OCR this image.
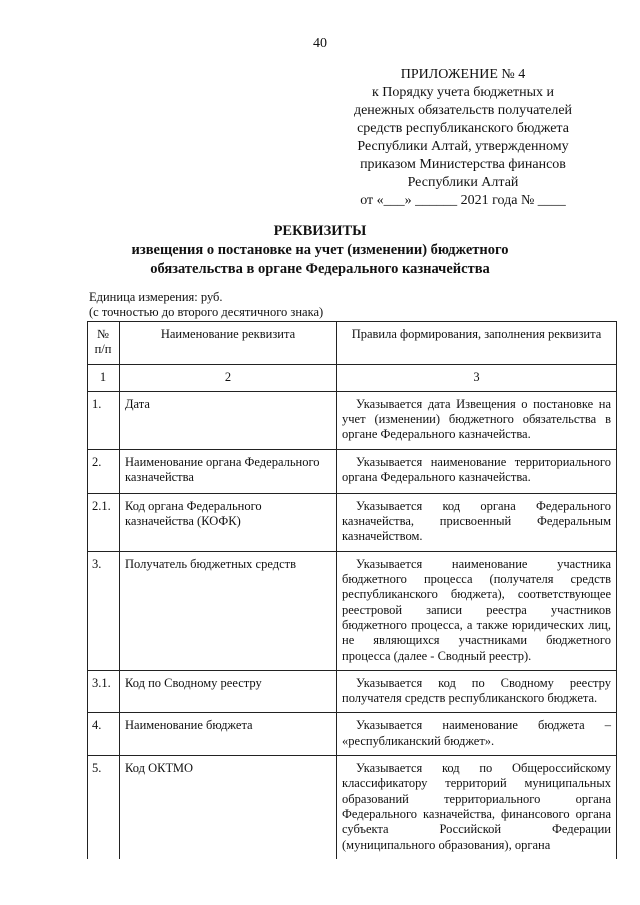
40
ПРИЛОЖЕНИЕ № 4
к Порядку учета бюджетных и
денежных обязательств получателей
средств республиканского бюджета
Республики Алтай, утвержденному
приказом Министерства финансов
Республики Алтай
от «___» ______ 2021 года № ____
РЕКВИЗИТЫ
извещения о постановке на учет (изменении) бюджетного
обязательства в органе Федерального казначейства
Единица измерения: руб.
(с точностью до второго десятичного знака)
№ п/п	Наименование реквизита	Правила формирования, заполнения реквизита
1	2	3
1.	Дата	Указывается дата Извещения о постановке на учет (изменении) бюджетного обязательства в органе Федерального казначейства.

2.	Наименование органа Федерального казначейства	Указывается наименование территориального органа Федерального казначейства.

2.1.	Код органа Федерального казначейства (КОФК)	Указывается код органа Федерального казначейства, присвоенный Федеральным казначейством.

3.	Получатель бюджетных средств	Указывается наименование участника бюджетного процесса (получателя средств республиканского бюджета), соответствующее реестровой записи реестра участников бюджетного процесса, а также юридических лиц, не являющихся участниками бюджетного процесса (далее - Сводный реестр).

3.1.	Код по Сводному реестру	Указывается код по Сводному реестру получателя средств республиканского бюджета.

4.	Наименование бюджета	Указывается наименование бюджета – «республиканский бюджет».

5.	Код ОКТМО	Указывается код по Общероссийскому классификатору территорий муниципальных образований территориального органа Федерального казначейства, финансового органа субъекта Российской Федерации (муниципального образования), органа
